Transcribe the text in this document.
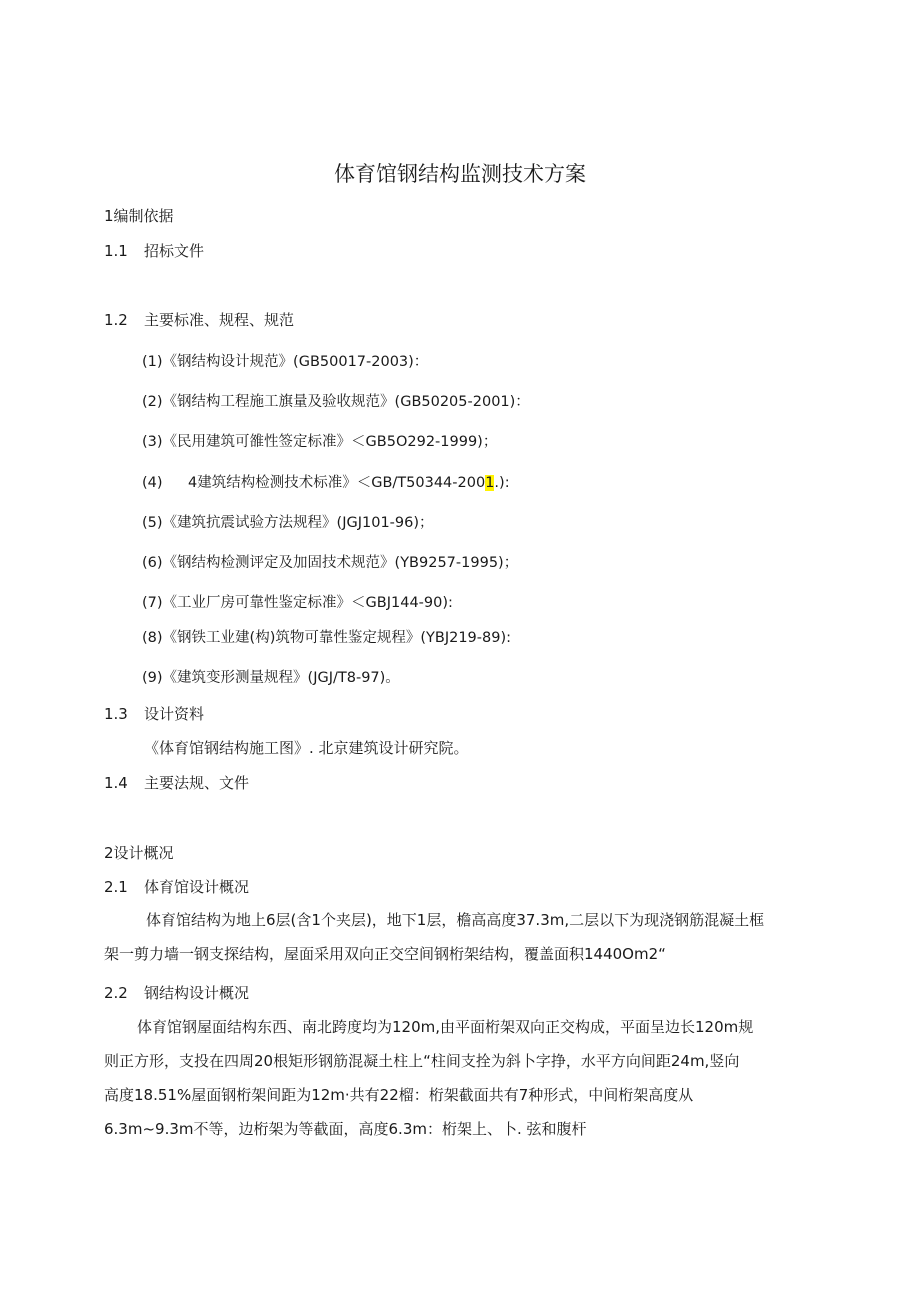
体育馆钢结构监测技术方案
1编制依据
1.1 招标文件
1.2 主要标准、规程、规范
(1)《钢结构设计规范》(GB50017-2003)：
(2)《钢结构工程施工旗量及验收规范》(GB50205-2001)：
(3)《民用建筑可雒性签定标准》＜GB5O292-1999)；
(4) 4建筑结构检测技术标准》＜GB/T50344-2001.):
(5)《建筑抗震试验方法规程》(JGJ101-96)；
(6)《钢结构检测评定及加固技术规范》(YB9257-1995)；
(7)《工业厂房可靠性鉴定标准》＜GBJ144-90):
(8)《钢铁工业建(构)筑物可靠性鉴定规程》(YBJ219-89):
(9)《建筑变形测量规程》(JGJ/T8-97)。
1.3 设计资料
《体育馆钢结构施工图》. 北京建筑设计研究院。
1.4 主要法规、文件
2设计概况
2.1 体育馆设计概况
体育馆结构为地上6层(含1个夹层)，地下1层，檐高高度37.3m,二层以下为现浇钢筋混凝土框
架一剪力墙一钢支探结构，屋面采用双向正交空间钢桁架结构，覆盖面积1440Om2“
2.2 钢结构设计概况
体育馆钢屋面结构东西、南北跨度均为120m,由平面桁架双向正交构成，平面呈边长120m规
则正方形，支投在四周20根矩形钢筋混凝土柱上“柱间支拴为斜卜字挣，水平方向间距24m,竖向
高度18.51%屋面钢桁架间距为12m·共有22榴：桁架截面共有7种形式，中间桁架高度从
6.3m~9.3m不等，边桁架为等截面，高度6.3m：桁架上、卜. 弦和腹杆
